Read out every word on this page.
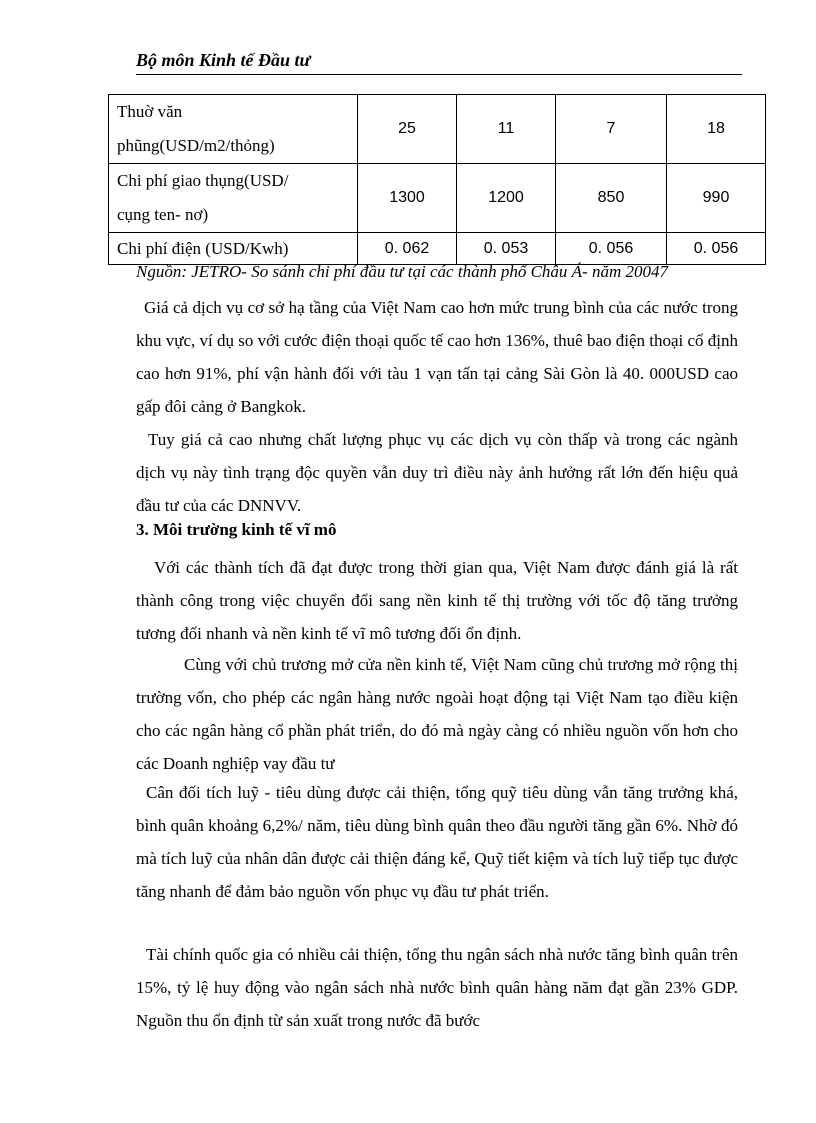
Bộ môn Kinh tế Đầu tư
Thuờ văn
phũng(USD/m2/thỏng)	25	11	7	18

Chi phí giao thụng(USD/
cụng ten- nơ)	1300	1200	850	990

Chi phí điện (USD/Kwh)	0. 062	0. 053	0. 056	0. 056
Nguồn: JETRO- So sánh chi phí đầu tư tại các thành phố Châu Á- năm 20047

Giá cả dịch vụ cơ sở hạ tầng của Việt Nam cao hơn mức trung bình của các nước trong khu vực, ví dụ so với cước điện thoại quốc tế cao hơn 136%, thuê bao điện thoại cố định cao hơn 91%, phí vận hành đối với tàu 1 vạn tấn tại cảng Sài Gòn là 40. 000USD cao gấp đôi cảng ở Bangkok.

Tuy giá cả cao nhưng chất lượng phục vụ các dịch vụ còn thấp và trong các ngành dịch vụ này tình trạng độc quyền vẫn duy trì điều này ảnh hưởng rất lớn đến hiệu quả đầu tư của các DNNVV.

3. Môi trường kinh tế vĩ mô

Với các thành tích đã đạt được trong thời gian qua, Việt Nam được đánh giá là rất thành công trong việc chuyển đổi sang nền kinh tế thị trường với tốc độ tăng trưởng tương đối nhanh và nền kinh tế vĩ mô tương đối ổn định.

Cùng với chủ trương mở cửa nền kinh tế, Việt Nam cũng chủ trương mở rộng thị trường vốn, cho phép các ngân hàng nước ngoài hoạt động tại Việt Nam tạo điều kiện cho các ngân hàng cổ phần phát triển, do đó mà ngày càng có nhiều nguồn vốn hơn cho các Doanh nghiệp vay đầu tư

Cân đối tích luỹ - tiêu dùng được cải thiện, tổng quỹ tiêu dùng vẫn tăng trưởng khá, bình quân khoảng 6,2%/ năm, tiêu dùng bình quân theo đầu người tăng gần 6%. Nhờ đó mà tích luỹ của nhân dân được cải thiện đáng kể, Quỹ tiết kiệm và tích luỹ tiếp tục được tăng nhanh để đảm bảo nguồn vốn phục vụ đầu tư phát triển.

Tài chính quốc gia có nhiều cải thiện, tổng thu ngân sách nhà nước tăng bình quân trên 15%, tỷ lệ huy động vào ngân sách nhà nước bình quân hàng năm đạt gần 23% GDP. Nguồn thu ổn định từ sản xuất trong nước đã bước
